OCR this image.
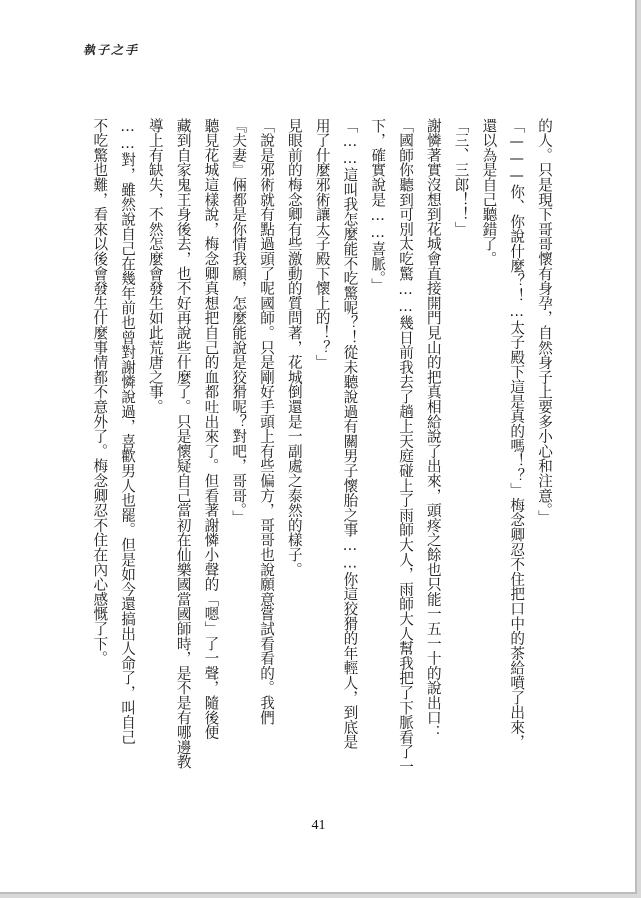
執子之手

的人。只是現下哥哥懷有身孕，自然身子上要多小心和注意。」

「———你、你說什麼？！…太子殿下這是真的嗎！？」梅念卿忍不住把口中的茶給噴了出來，

還以為是自己聽錯了。

「三、三郎！！」

謝憐著實沒想到花城會直接開門見山的把真相給說了出來，頭疼之餘也只能一五一十的說出口：

「國師你聽到可別太吃驚……幾日前我去了趟上天庭碰上了雨師大人，雨師大人幫我把了下脈看了一

下，確實說是……喜脈。」

「……這叫我怎麼能不吃驚呢？！從未聽說過有關男子懷胎之事……你這狡猾的年輕人，到底是

用了什麼邪術讓太子殿下懷上的！？」

見眼前的梅念卿有些激動的質問著，花城倒還是一副處之泰然的樣子。

「說是邪術就有點過頭了呢國師。只是剛好手頭上有些偏方，哥哥也說願意嘗試看看的。我們

『夫妻』倆都是你情我願，怎麼能說是狡猾呢？對吧，哥哥。」

聽見花城這樣說，梅念卿真想把自己的血都吐出來了。但看著謝憐小聲的「嗯」了一聲，隨後便

藏到自家鬼王身後去，也不好再說些什麼了。只是懷疑自己當初在仙樂國當國師時，是不是有哪邊教

導上有缺失，不然怎麼會發生如此荒唐之事。

……對，雖然說自己在幾年前也曾對謝憐說過，喜歡男人也罷。但是如今還搞出人命了，叫自己

不吃驚也難，看來以後會發生什麼事情都不意外了。梅念卿忍不住在內心感慨了下。

41
